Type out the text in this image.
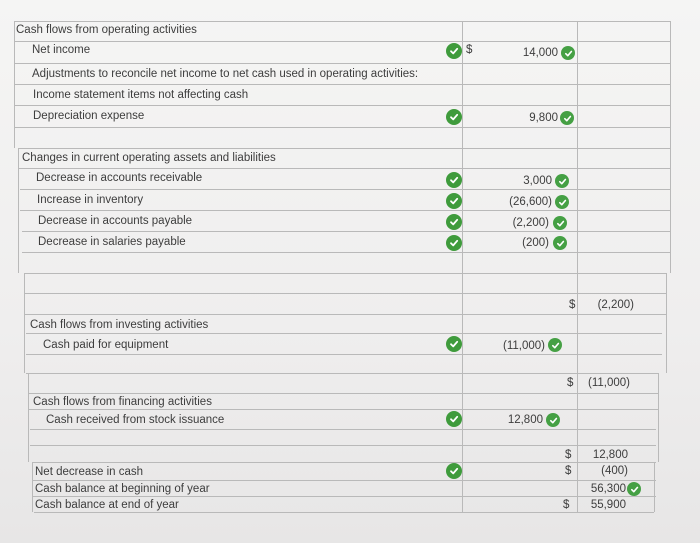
Cash flows from operating activities
Net income
Adjustments to reconcile net income to net cash used in operating activities:
Income statement items not affecting cash
Depreciation expense
Changes in current operating assets and liabilities
Decrease in accounts receivable
Increase in inventory
Decrease in accounts payable
Decrease in salaries payable
Cash flows from investing activities
Cash paid for equipment
Cash flows from financing activities
Cash received from stock issuance
Net decrease in cash
Cash balance at beginning of year
Cash balance at end of year
$	14,000
9,800
3,000
(26,600)
(2,200)
(200)
(11,000)
12,800
$ (2,200)
$ (11,000)
$ 12,800
$	(400)
56,300
$ 55,900
